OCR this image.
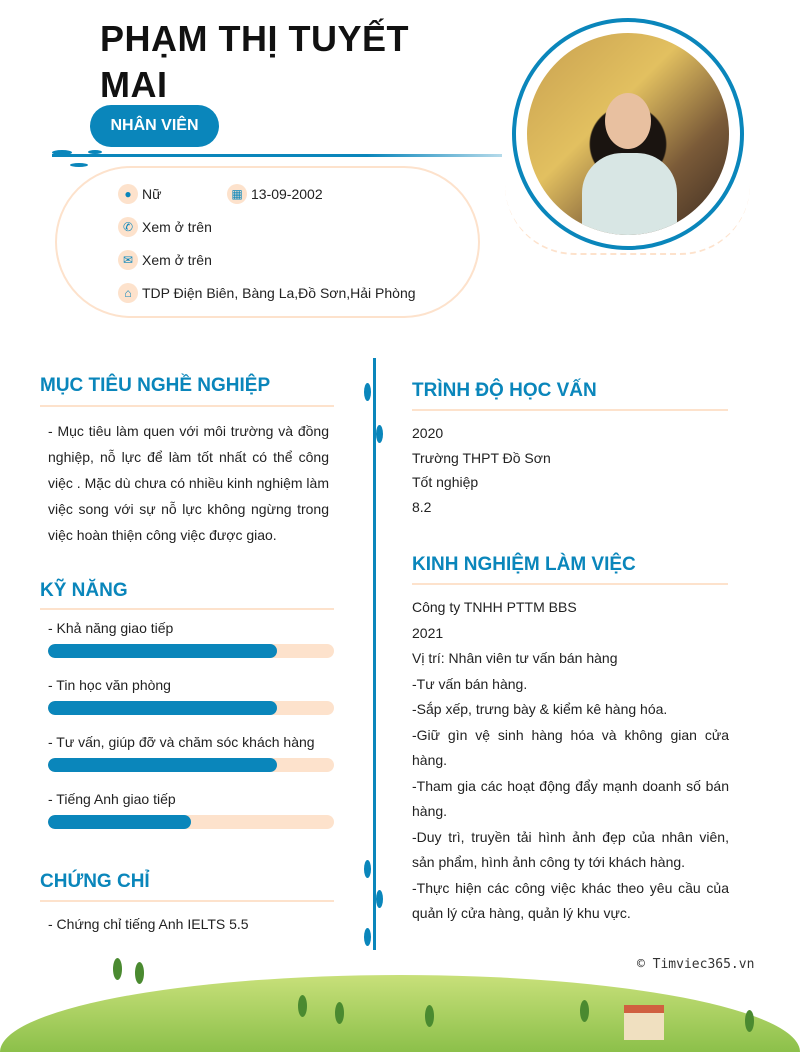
PHẠM THỊ TUYẾT MAI
NHÂN VIÊN
● Nữ	▦ 13-09-2002
✆ Xem ở trên
✉ Xem ở trên
⌂ TDP Điện Biên, Bàng La,Đồ Sơn,Hải Phòng
MỤC TIÊU NGHỀ NGHIỆP
- Mục tiêu làm quen với môi trường và đồng nghiệp, nỗ lực để làm tốt nhất có thể công việc . Mặc dù chưa có nhiều kinh nghiệm làm việc song với sự nỗ lực không ngừng trong việc hoàn thiện công việc được giao.
KỸ NĂNG
- Khả năng giao tiếp
- Tin học văn phòng
- Tư vấn, giúp đỡ và chăm sóc khách hàng
- Tiếng Anh giao tiếp
CHỨNG CHỈ
- Chứng chỉ tiếng Anh IELTS 5.5
TRÌNH ĐỘ HỌC VẤN
2020
Trường THPT Đồ Sơn
Tốt nghiệp
8.2
KINH NGHIỆM LÀM VIỆC
Công ty TNHH PTTM BBS
2021
Vị trí: Nhân viên tư vấn bán hàng
-Tư vấn bán hàng.
-Sắp xếp, trưng bày & kiểm kê hàng hóa.
-Giữ gìn vệ sinh hàng hóa và không gian cửa hàng.
-Tham gia các hoạt động đẩy mạnh doanh số bán hàng.
-Duy trì, truyền tải hình ảnh đẹp của nhân viên, sản phẩm, hình ảnh công ty tới khách hàng.
-Thực hiện các công việc khác theo yêu cầu của quản lý cửa hàng, quản lý khu vực.
© Timviec365.vn
